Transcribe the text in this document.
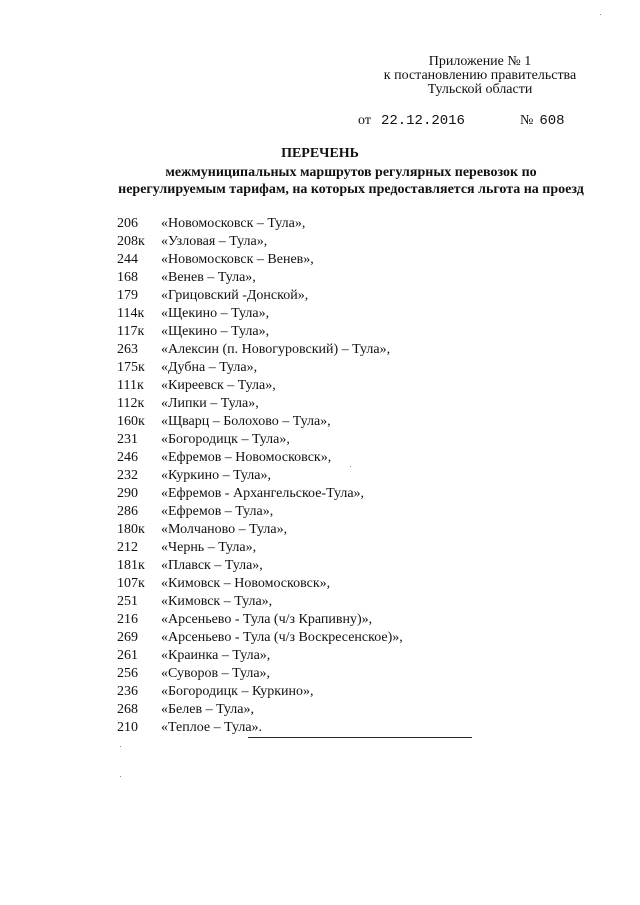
Приложение № 1
к постановлению правительства
Тульской области
от 22.12.2016	№ 608
ПЕРЕЧЕНЬ
межмуниципальных маршрутов регулярных перевозок по
нерегулируемым тарифам, на которых предоставляется льгота на проезд
206 «Новомосковск – Тула»,
208к «Узловая – Тула»,
244 «Новомосковск – Венев»,
168 «Венев – Тула»,
179 «Грицовский -Донской»,
114к «Щекино – Тула»,
117к «Щекино – Тула»,
263 «Алексин (п. Новогуровский) – Тула»,
175к «Дубна – Тула»,
111к «Киреевск – Тула»,
112к «Липки – Тула»,
160к «Щварц – Болохово – Тула»,
231 «Богородицк – Тула»,
246 «Ефремов – Новомосковск»,
232 «Куркино – Тула»,
290 «Ефремов - Архангельское-Тула»,
286 «Ефремов – Тула»,
180к «Молчаново – Тула»,
212 «Чернь – Тула»,
181к «Плавск – Тула»,
107к «Кимовск – Новомосковск»,
251 «Кимовск – Тула»,
216 «Арсеньево - Тула (ч/з Крапивну)»,
269 «Арсеньево - Тула (ч/з Воскресенское)»,
261 «Краинка – Тула»,
256 «Суворов – Тула»,
236 «Богородицк – Куркино»,
268 «Белев – Тула»,
210 «Теплое – Тула».
